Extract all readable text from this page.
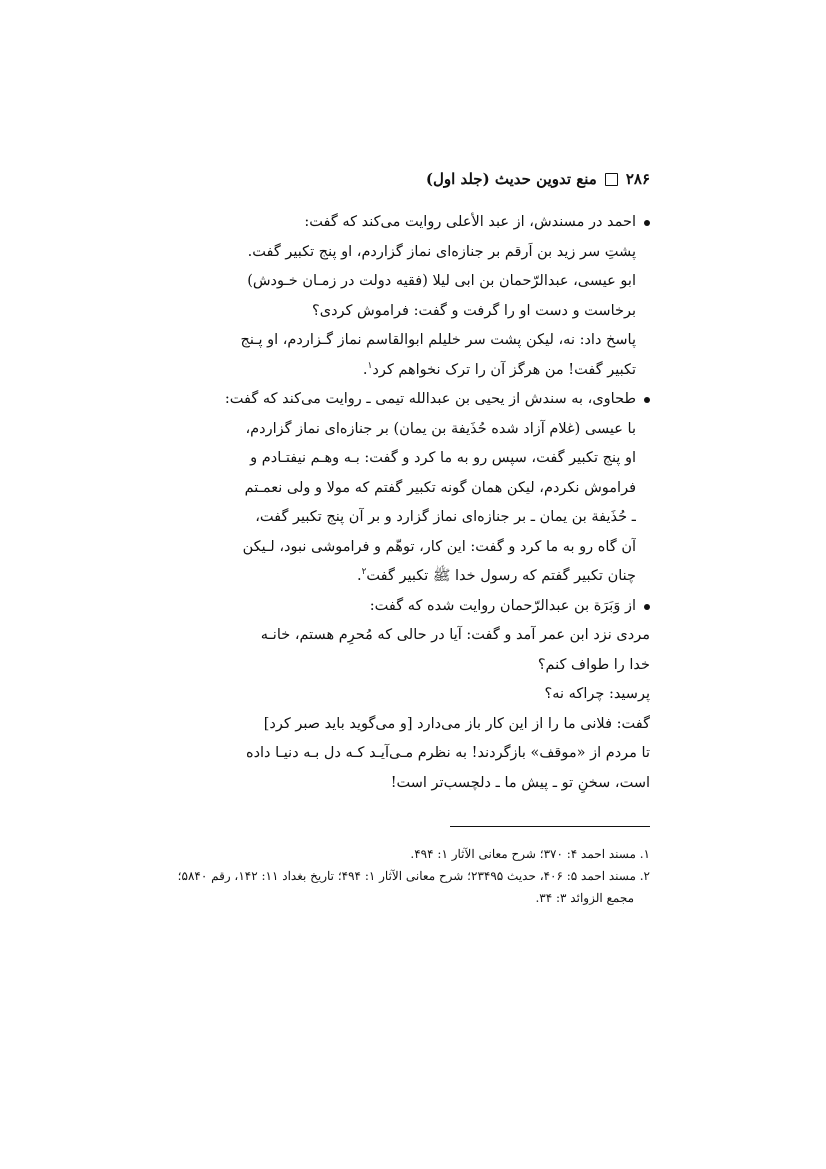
۲۸۶
منع تدوین حدیث (جلد اول)
احمد در مسندش، از عبد الأعلی روایت می‌کند که گفت:
پشتِ سر زید بن اَرقم بر جنازه‌ای نماز گزاردم، او پنج تکبیر گفت.
ابو عیسی، عبدالرّحمان بن ابی لیلا (فقیه دولت در زمـان خـودش)
برخاست و دست او را گرفت و گفت: فراموش کردی؟
پاسخ داد: نه، لیکن پشت سر خلیلم ابوالقاسم نماز گـزاردم، او پـنج
تکبیر گفت! من هرگز آن را ترک نخواهم کرد$^۱$.
طحاوی، به سندش از یحیی بن عبدالله تیمی ـ روایت می‌کند که گفت:
با عیسی (غلام آزاد شده حُذَیفة بن یمان) بر جنازه‌ای نماز گزاردم،
او پنج تکبیر گفت، سپس رو به ما کرد و گفت: بـه وهـم نیفتـادم و
فراموش نکردم، لیکن همان گونه تکبیر گفتم که مولا و ولی نعمـتم
ـ حُذَیفة بن یمان ـ بر جنازه‌ای نماز گزارد و بر آن پنج تکبیر گفت،
آن گاه رو به ما کرد و گفت: این کار، توهّم و فراموشی نبود، لـیکن
چنان تکبیر گفتم که رسول خدا ﷺ تکبیر گفت$^۲$.
از وَبَرَة بن عبدالرّحمان روایت شده که گفت:
مردی نزد ابن عمر آمد و گفت: آیا در حالی که مُحرِم هستم، خانـه
خدا را طواف کنم؟
پرسید: چراکه نه؟
گفت: فلانی ما را از این کار باز می‌دارد [و می‌گوید باید صبر کرد]
تا مردم از «موقف» بازگردند! به نظرم مـی‌آیـد کـه دل بـه دنیـا داده
است، سخنِ تو ـ پیش ما ـ دلچسب‌تر است!
۱. مسند احمد ۴: ۳۷۰؛ شرح معانی الآثار ۱: ۴۹۴.
۲. مسند احمد ۵: ۴۰۶، حدیث ۲۳۴۹۵؛ شرح معانی الآثار ۱: ۴۹۴؛ تاریخ بغداد ۱۱: ۱۴۲، رقم ۵۸۴۰؛
مجمع الزوائد ۳: ۳۴.
